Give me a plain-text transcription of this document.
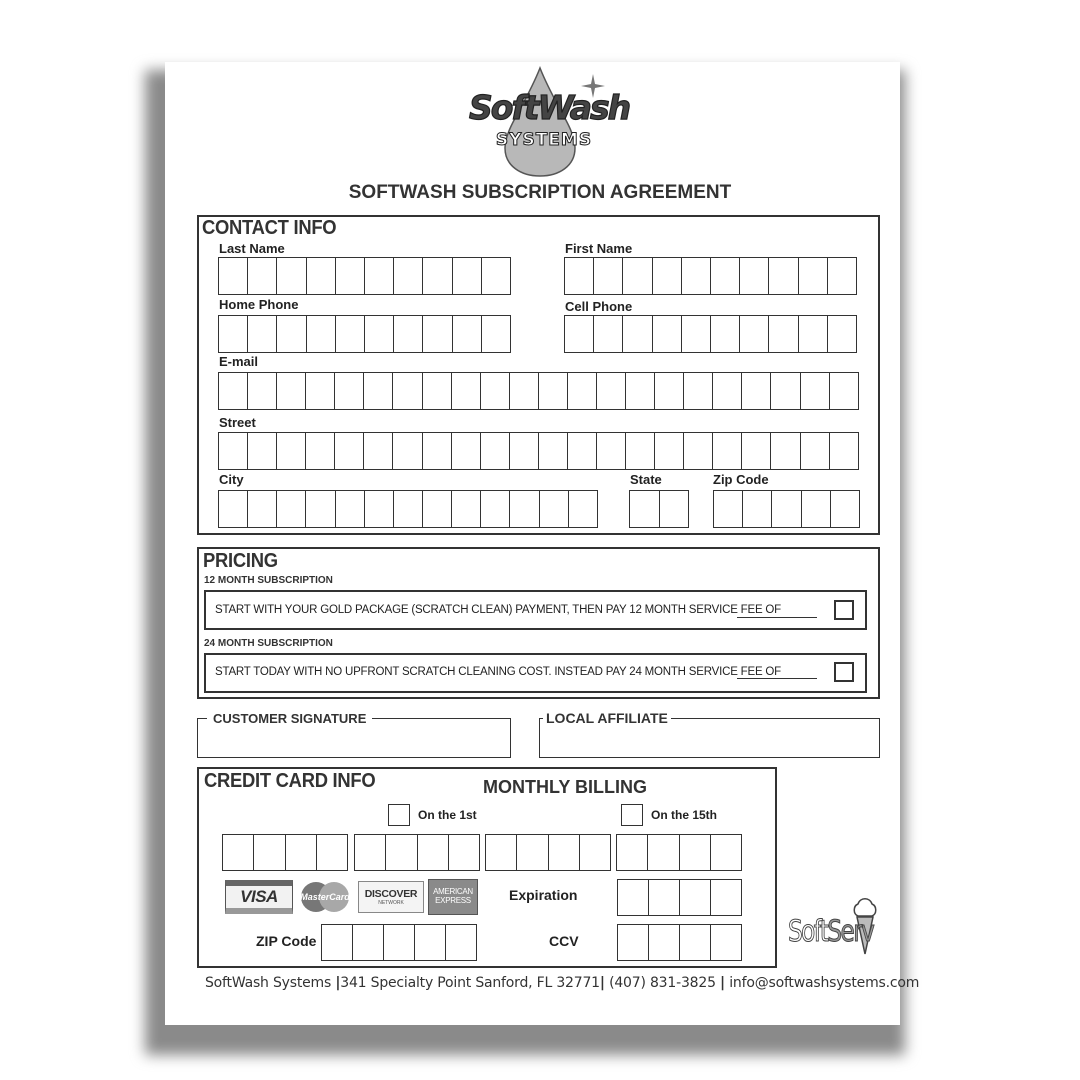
SoftWash
SYSTEMS
SOFTWASH SUBSCRIPTION AGREEMENT
CONTACT INFO
Last Name	First Name
Home Phone	Cell Phone
E-mail
Street
City	State	Zip Code
PRICING
12 MONTH SUBSCRIPTION
START WITH YOUR GOLD PACKAGE (SCRATCH CLEAN) PAYMENT, THEN PAY 12 MONTH SERVICE FEE OF
24 MONTH SUBSCRIPTION
START TODAY WITH NO UPFRONT SCRATCH CLEANING COST. INSTEAD PAY 24 MONTH SERVICE FEE OF
CUSTOMER SIGNATURE	LOCAL AFFILIATE
CREDIT CARD INFO	MONTHLY BILLING
On the 1st	On the 15th
VISA MasterCard	DISCOVER
NETWORK
AMERICAN
EXPRESS	Expiration
ZIP Code	CCV	SoftServ
SoftWash Systems |341 Specialty Point Sanford, FL 32771| (407) 831-3825 | info@softwashsystems.com
